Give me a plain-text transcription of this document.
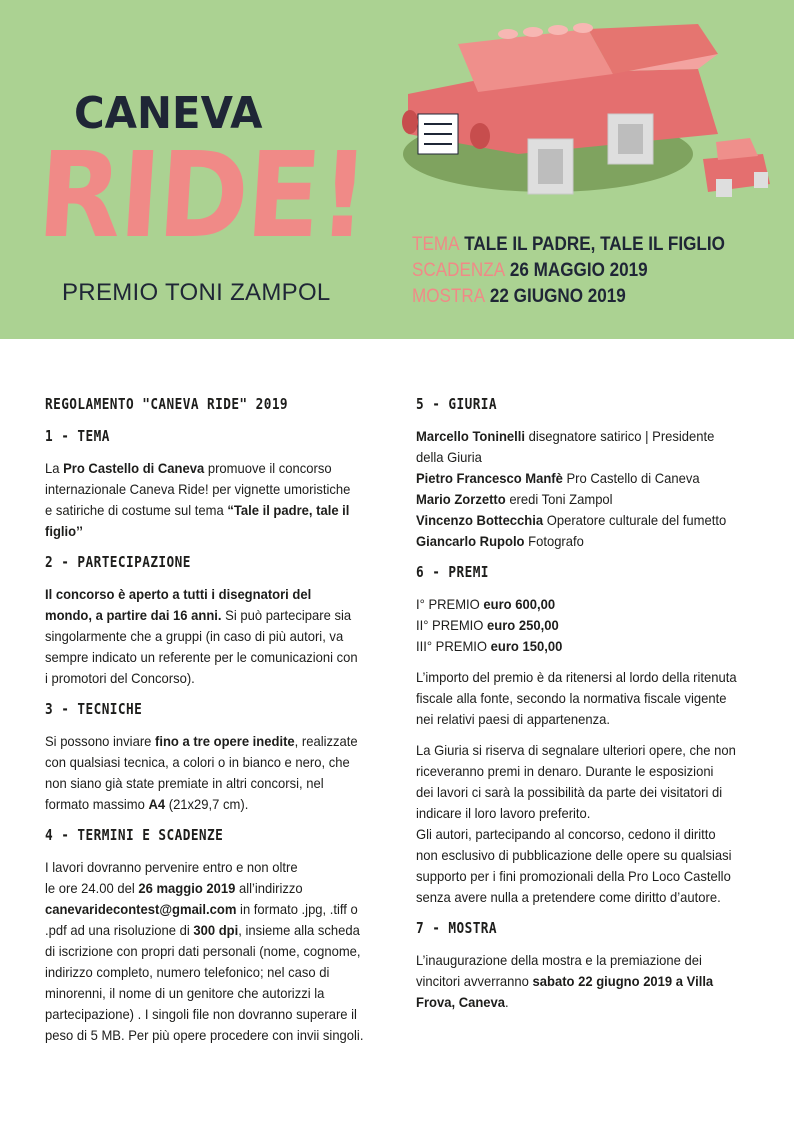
CANEVA
RIDE!
PREMIO TONI ZAMPOL
TEMA TALE IL PADRE, TALE IL FIGLIO
SCADENZA 26 MAGGIO 2019
MOSTRA 22 GIUGNO 2019
REGOLAMENTO "CANEVA RIDE" 2019
1 - TEMA
La Pro Castello di Caneva promuove il concorso
internazionale Caneva Ride! per vignette umoristiche
e satiriche di costume sul tema “Tale il padre, tale il
figlio’’
2 - PARTECIPAZIONE
Il concorso è aperto a tutti i disegnatori del
mondo, a partire dai 16 anni. Si può partecipare sia
singolarmente che a gruppi (in caso di più autori, va
sempre indicato un referente per le comunicazioni con
i promotori del Concorso).
3 - TECNICHE
Si possono inviare fino a tre opere inedite, realizzate
con qualsiasi tecnica, a colori o in bianco e nero, che
non siano già state premiate in altri concorsi, nel
formato massimo A4 (21x29,7 cm).
4 - TERMINI E SCADENZE
I lavori dovranno pervenire entro e non oltre
le ore 24.00 del 26 maggio 2019 all’indirizzo
canevaridecontest@gmail.com in formato .jpg, .tiff o
.pdf ad una risoluzione di 300 dpi, insieme alla scheda
di iscrizione con propri dati personali (nome, cognome,
indirizzo completo, numero telefonico; nel caso di
minorenni, il nome di un genitore che autorizzi la
partecipazione) . I singoli file non dovranno superare il
peso di 5 MB. Per più opere procedere con invii singoli.
5 - GIURIA
Marcello Toninelli disegnatore satirico | Presidente
della Giuria
Pietro Francesco Manfè Pro Castello di Caneva
Mario Zorzetto eredi Toni Zampol
Vincenzo Bottecchia Operatore culturale del fumetto
Giancarlo Rupolo Fotografo
6 - PREMI
I° PREMIO euro 600,00
II° PREMIO euro 250,00
III° PREMIO euro 150,00
L’importo del premio è da ritenersi al lordo della ritenuta
fiscale alla fonte, secondo la normativa fiscale vigente
nei relativi paesi di appartenenza.
La Giuria si riserva di segnalare ulteriori opere, che non
riceveranno premi in denaro. Durante le esposizioni
dei lavori ci sarà la possibilità da parte dei visitatori di
indicare il loro lavoro preferito.
Gli autori, partecipando al concorso, cedono il diritto
non esclusivo di pubblicazione delle opere su qualsiasi
supporto per i fini promozionali della Pro Loco Castello
senza avere nulla a pretendere come diritto d’autore.
7 - MOSTRA
L’inaugurazione della mostra e la premiazione dei
vincitori avverranno sabato 22 giugno 2019 a Villa
Frova, Caneva.
